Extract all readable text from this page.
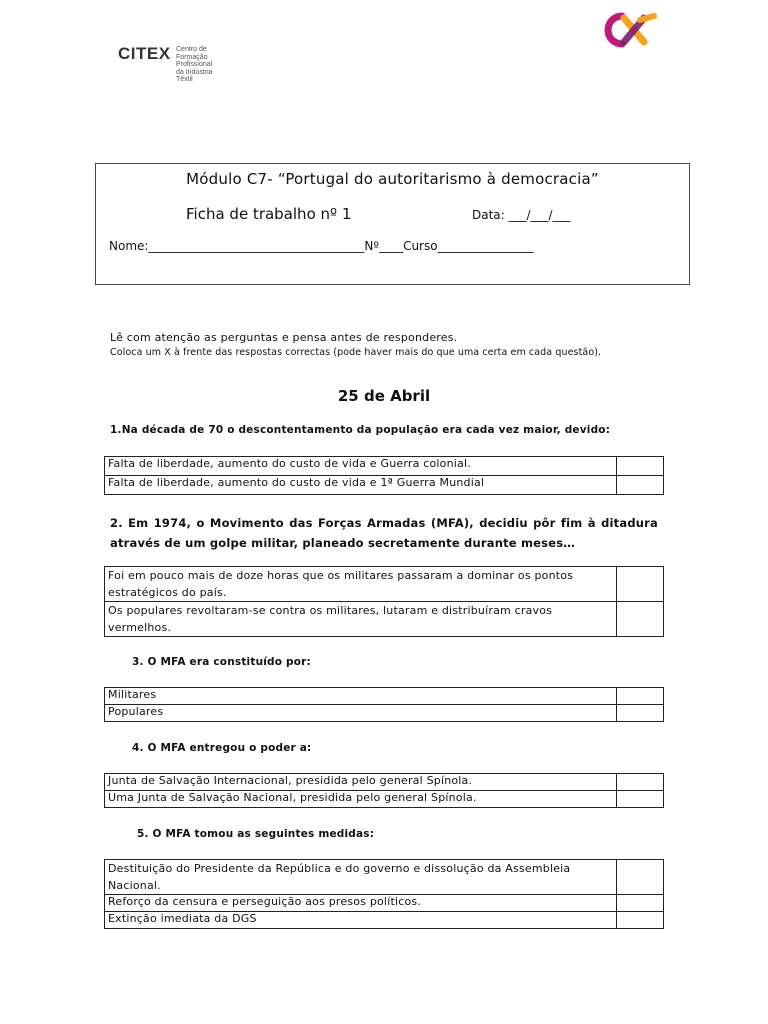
CITEX Centro de
Formação
Profissional
da Indústria
Têxtil
Módulo C7- “Portugal do autoritarismo à democracia”
Ficha de trabalho nº 1	Data: ___/___/___
Nome:____________________________________Nº____Curso________________
Lê com atenção as perguntas e pensa antes de responderes.
Coloca um X à frente das respostas correctas (pode haver mais do que uma certa em cada questão).
25 de Abril
1.Na década de 70 o descontentamento da população era cada vez maior, devido:
Falta de liberdade, aumento do custo de vida e Guerra colonial.	
Falta de liberdade, aumento do custo de vida e 1ª Guerra Mundial	
2. Em 1974, o Movimento das Forças Armadas (MFA), decidiu pôr fim à ditadura através de um golpe militar, planeado secretamente durante meses…
Foi em pouco mais de doze horas que os militares passaram a dominar os pontos estratégicos do país.	
Os populares revoltaram-se contra os militares, lutaram e distribuíram cravos vermelhos.	
3. O MFA era constituído por:
Militares	
Populares	
4. O MFA entregou o poder a:
Junta de Salvação Internacional, presidida pelo general Spínola.	
Uma Junta de Salvação Nacional, presidida pelo general Spínola.	
5. O MFA tomou as seguintes medidas:
Destituição do Presidente da República e do governo e dissolução da Assembleia Nacional.	
Reforço da censura e perseguição aos presos políticos.	
Extinção imediata da DGS	
